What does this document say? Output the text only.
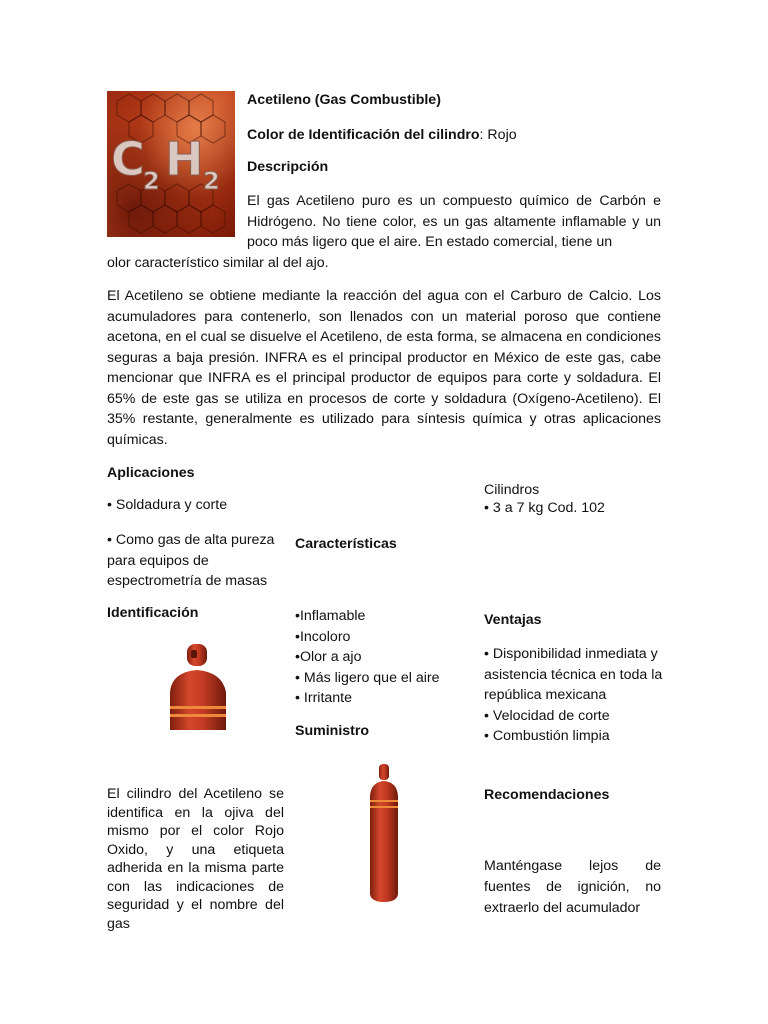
C
2 H 2
Acetileno (Gas Combustible)
Color de Identificación del cilindro: Rojo
Descripción

El gas Acetileno puro es un compuesto químico de Carbón e Hidrógeno. No tiene color, es un gas altamente inflamable y un poco más ligero que el aire. En estado comercial, tiene un

olor característico similar al del ajo.

El Acetileno se obtiene mediante la reacción del agua con el Carburo de Calcio. Los acumuladores para contenerlo, son llenados con un material poroso que contiene acetona, en el cual se disuelve el Acetileno, de esta forma, se almacena en condiciones seguras a baja presión. INFRA es el principal productor en México de este gas, cabe mencionar que INFRA es el principal productor de equipos para corte y soldadura. El 65% de este gas se utiliza en procesos de corte y soldadura (Oxígeno-Acetileno). El 35% restante, generalmente es utilizado para síntesis química y otras aplicaciones químicas.

Aplicaciones
• Soldadura y corte
• Como gas de alta pureza para equipos de espectrometría de masas
Cilindros
• 3 a 7 kg Cod. 102
Características
•Inflamable
•Incoloro
•Olor a ajo
• Más ligero que el aire
• Irritante
Identificación

El cilindro del Acetileno se identifica en la ojiva del mismo por el color Rojo Oxido, y una etiqueta adherida en la misma parte con las indicaciones de seguridad y el nombre del gas

Ventajas
• Disponibilidad inmediata y asistencia técnica en toda la república mexicana
• Velocidad de corte
• Combustión limpia
Suministro
Recomendaciones

Manténgase lejos de fuentes de ignición, no extraerlo del acumulador
